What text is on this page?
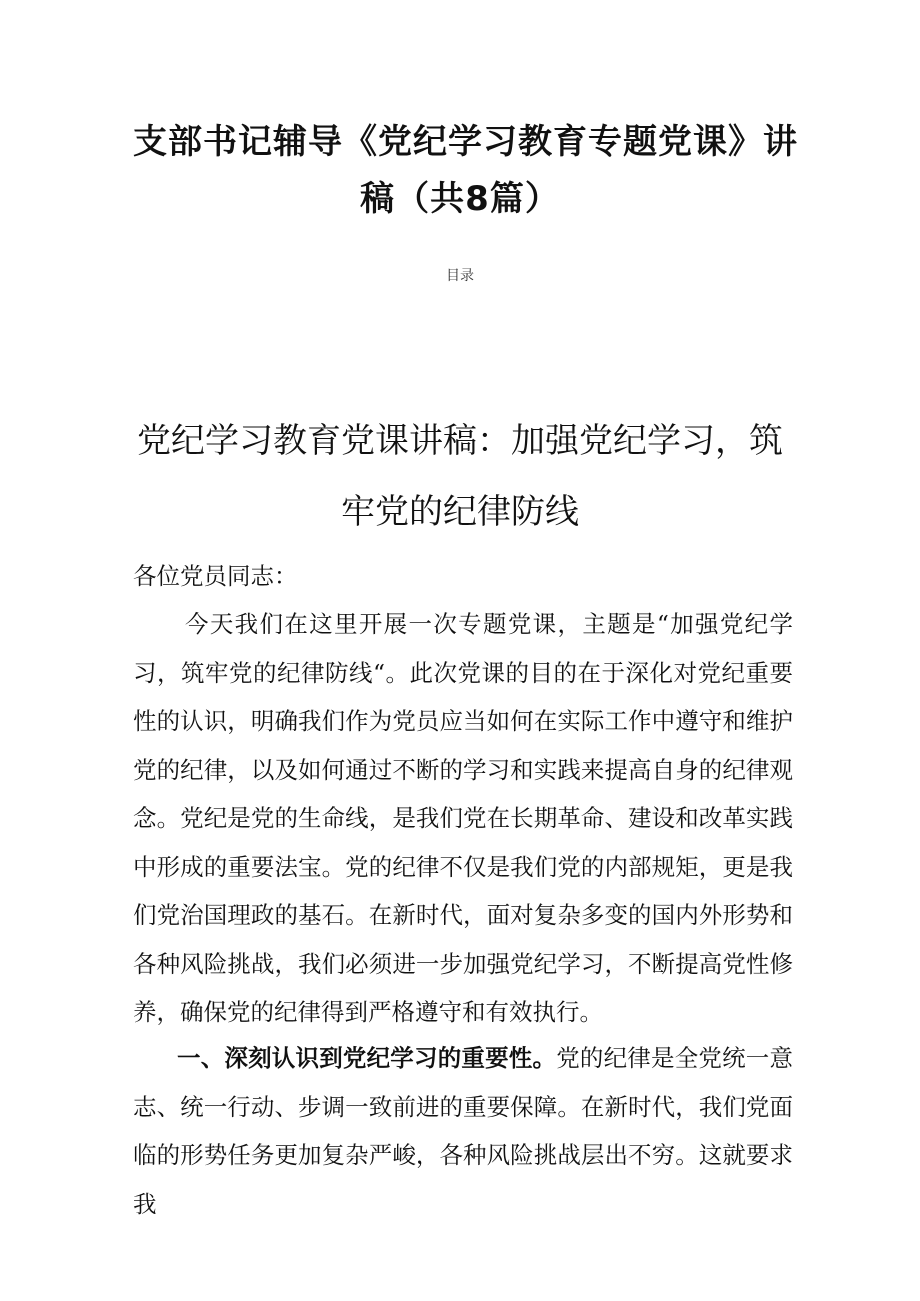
支部书记辅导《党纪学习教育专题党课》讲
稿（共8篇）
目录
党纪学习教育党课讲稿：加强党纪学习，筑
牢党的纪律防线
各位党员同志：
今天我们在这里开展一次专题党课，主题是“加强党纪学习，筑牢党的纪律防线“。此次党课的目的在于深化对党纪重要性的认识，明确我们作为党员应当如何在实际工作中遵守和维护党的纪律，以及如何通过不断的学习和实践来提高自身的纪律观念。党纪是党的生命线，是我们党在长期革命、建设和改革实践中形成的重要法宝。党的纪律不仅是我们党的内部规矩，更是我们党治国理政的基石。在新时代，面对复杂多变的国内外形势和各种风险挑战，我们必须进一步加强党纪学习，不断提高党性修养，确保党的纪律得到严格遵守和有效执行。
一、深刻认识到党纪学习的重要性。党的纪律是全党统一意志、统一行动、步调一致前进的重要保障。在新时代，我们党面临的形势任务更加复杂严峻，各种风险挑战层出不穷。这就要求我
